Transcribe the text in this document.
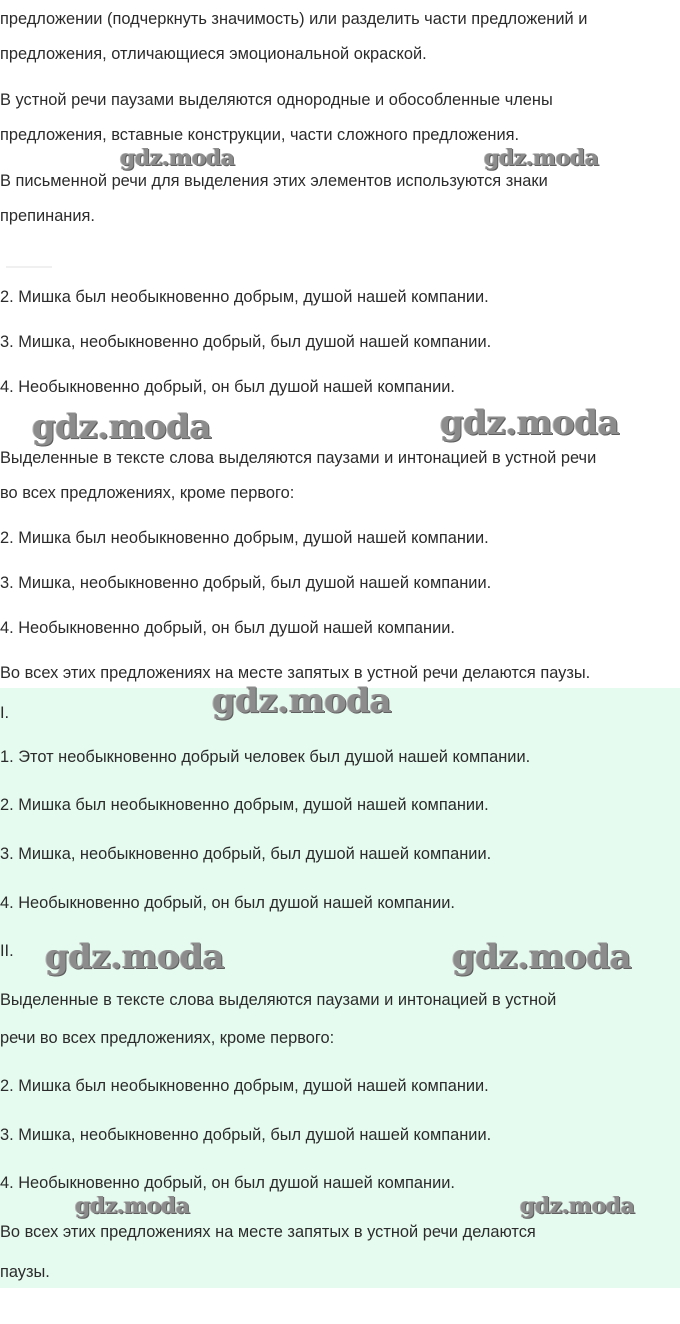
предложении (подчеркнуть значимость) или разделить части предложений и
предложения, отличающиеся эмоциональной окраской.
В устной речи паузами выделяются однородные и обособленные члены
предложения, вставные конструкции, части сложного предложения.
В письменной речи для выделения этих элементов используются знаки
препинания.
2. Мишка был необыкновенно добрым, душой нашей компании.
3. Мишка, необыкновенно добрый, был душой нашей компании.
4. Необыкновенно добрый, он был душой нашей компании.
Выделенные в тексте слова выделяются паузами и интонацией в устной речи
во всех предложениях, кроме первого:
2. Мишка был необыкновенно добрым, душой нашей компании.
3. Мишка, необыкновенно добрый, был душой нашей компании.
4. Необыкновенно добрый, он был душой нашей компании.
Во всех этих предложениях на месте запятых в устной речи делаются паузы.
I.
1. Этот необыкновенно добрый человек был душой нашей компании.
2. Мишка был необыкновенно добрым, душой нашей компании.
3. Мишка, необыкновенно добрый, был душой нашей компании.
4. Необыкновенно добрый, он был душой нашей компании.
II.
Выделенные в тексте слова выделяются паузами и интонацией в устной
речи во всех предложениях, кроме первого:
2. Мишка был необыкновенно добрым, душой нашей компании.
3. Мишка, необыкновенно добрый, был душой нашей компании.
4. Необыкновенно добрый, он был душой нашей компании.
Во всех этих предложениях на месте запятых в устной речи делаются
паузы.
gdz.moda	gdz.moda
gdz.moda	gdz.moda
gdz.moda
gdz.moda	gdz.moda
gdz.moda	gdz.moda
